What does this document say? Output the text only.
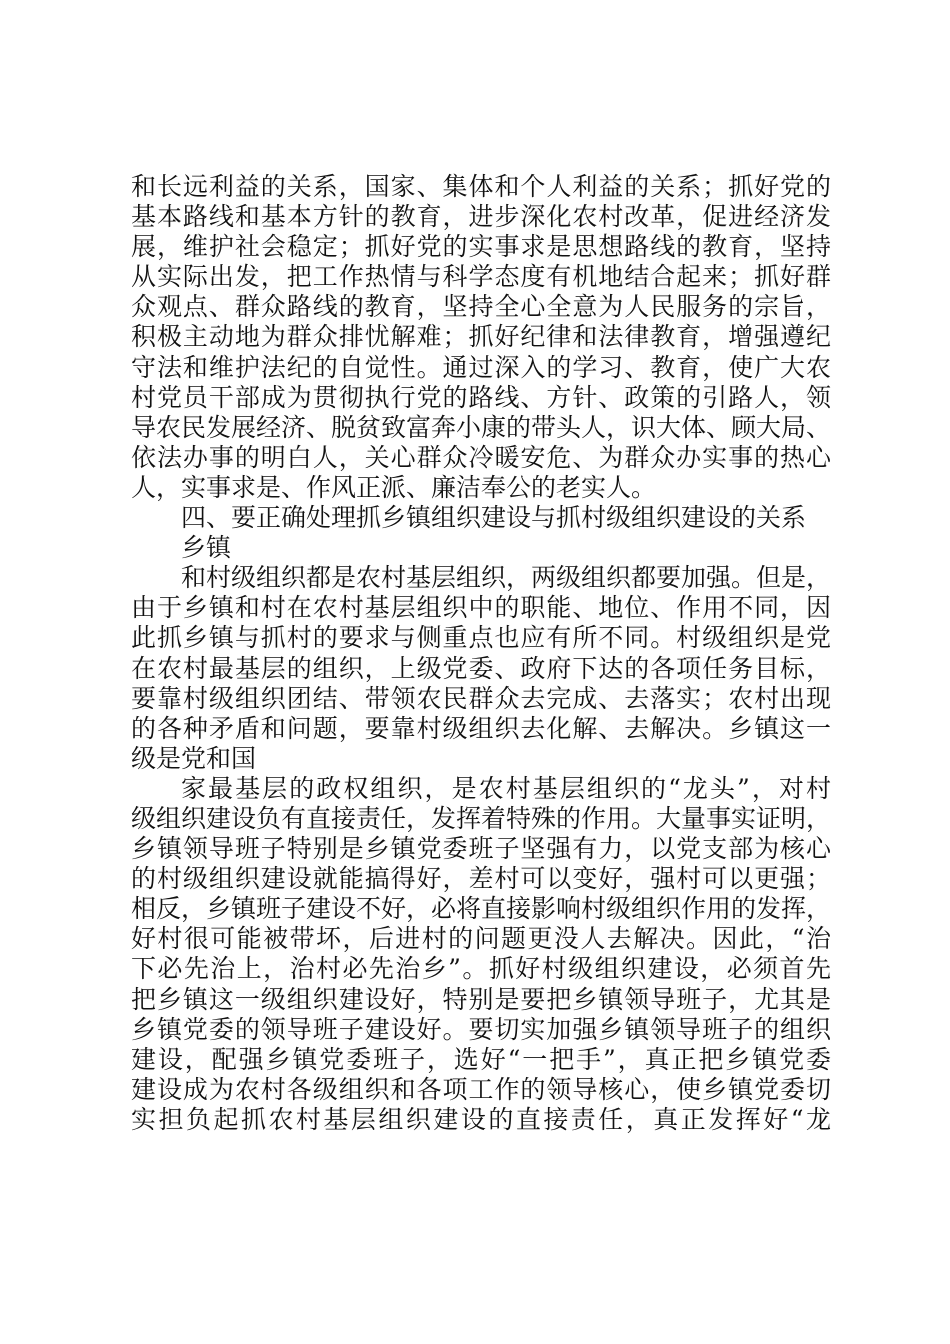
和长远利益的关系，国家、集体和个人利益的关系；抓好党的
基本路线和基本方针的教育，进步深化农村改革，促进经济发
展，维护社会稳定；抓好党的实事求是思想路线的教育，坚持
从实际出发，把工作热情与科学态度有机地结合起来；抓好群
众观点、群众路线的教育，坚持全心全意为人民服务的宗旨，
积极主动地为群众排忧解难；抓好纪律和法律教育，增强遵纪
守法和维护法纪的自觉性。通过深入的学习、教育，使广大农
村党员干部成为贯彻执行党的路线、方针、政策的引路人，领
导农民发展经济、脱贫致富奔小康的带头人，识大体、顾大局、
依法办事的明白人，关心群众冷暖安危、为群众办实事的热心
人，实事求是、作风正派、廉洁奉公的老实人。
四、要正确处理抓乡镇组织建设与抓村级组织建设的关系
乡镇
和村级组织都是农村基层组织，两级组织都要加强。但是，
由于乡镇和村在农村基层组织中的职能、地位、作用不同，因
此抓乡镇与抓村的要求与侧重点也应有所不同。村级组织是党
在农村最基层的组织，上级党委、政府下达的各项任务目标，
要靠村级组织团结、带领农民群众去完成、去落实；农村出现
的各种矛盾和问题，要靠村级组织去化解、去解决。乡镇这一
级是党和国
家最基层的政权组织，是农村基层组织的“龙头”，对村
级组织建设负有直接责任，发挥着特殊的作用。大量事实证明，
乡镇领导班子特别是乡镇党委班子坚强有力，以党支部为核心
的村级组织建设就能搞得好，差村可以变好，强村可以更强；
相反，乡镇班子建设不好，必将直接影响村级组织作用的发挥，
好村很可能被带坏，后进村的问题更没人去解决。因此，“治
下必先治上，治村必先治乡”。抓好村级组织建设，必须首先
把乡镇这一级组织建设好，特别是要把乡镇领导班子，尤其是
乡镇党委的领导班子建设好。要切实加强乡镇领导班子的组织
建设，配强乡镇党委班子，选好“一把手”，真正把乡镇党委
建设成为农村各级组织和各项工作的领导核心，使乡镇党委切
实担负起抓农村基层组织建设的直接责任，真正发挥好“龙
